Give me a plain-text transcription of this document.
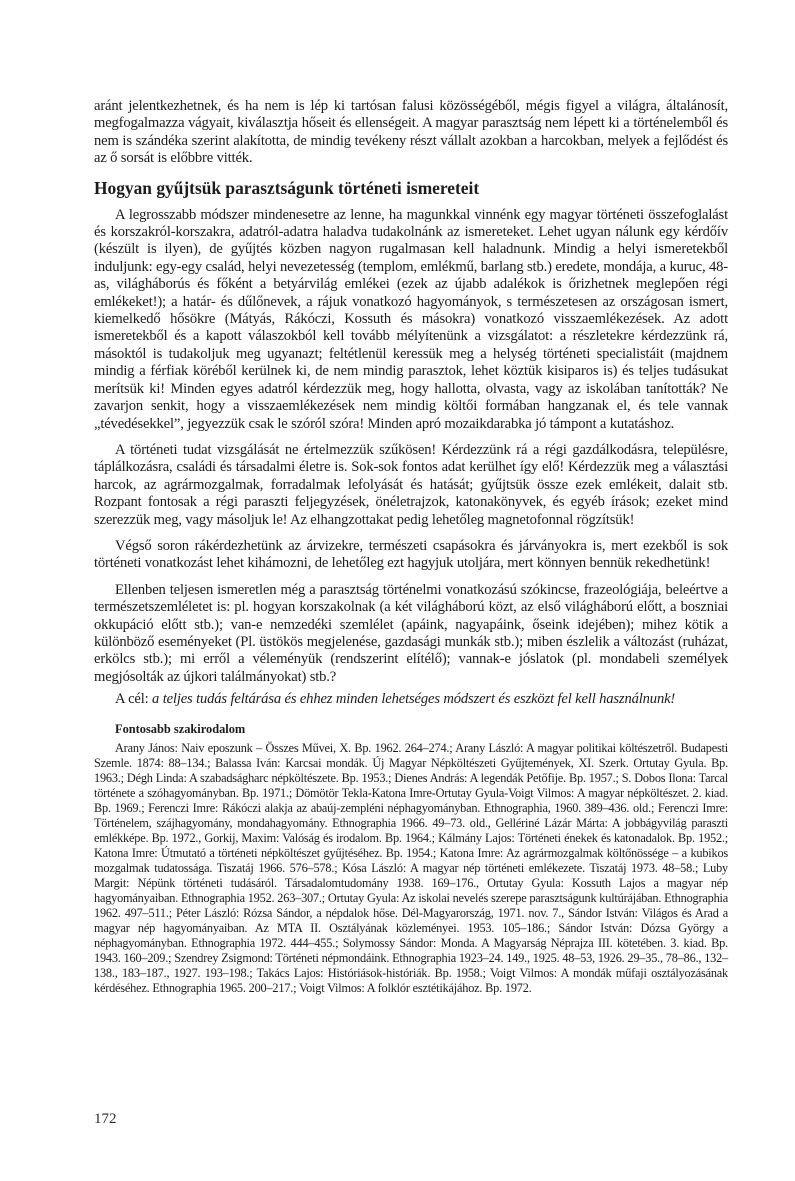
aránt jelentkezhetnek, és ha nem is lép ki tartósan falusi közösségéből, mégis figyel a világra, általánosít, megfogalmazza vágyait, kiválasztja hőseit és ellenségeit. A magyar parasztság nem lépett ki a történelemből és nem is szándéka szerint alakította, de mindig tevékeny részt vállalt azokban a harcokban, melyek a fejlődést és az ő sorsát is előbbre vitték.

Hogyan gyűjtsük parasztságunk történeti ismereteit

A legrosszabb módszer mindenesetre az lenne, ha magunkkal vinnénk egy magyar történeti összefoglalást és korszakról-korszakra, adatról-adatra haladva tudakolnánk az ismereteket. Lehet ugyan nálunk egy kérdőív (készült is ilyen), de gyűjtés közben nagyon rugalmasan kell haladnunk. Mindig a helyi ismeretekből induljunk: egy-egy család, helyi nevezetesség (templom, emlékmű, barlang stb.) eredete, mondája, a kuruc, 48-as, világháborús és főként a betyárvilág emlékei (ezek az újabb adalékok is őrizhetnek meglepően régi emlékeket!); a határ- és dűlőnevek, a rájuk vonatkozó hagyományok, s természetesen az országosan ismert, kiemelkedő hősökre (Mátyás, Rákóczi, Kossuth és másokra) vonatkozó visszaemlékezések. Az adott ismeretekből és a kapott válaszokból kell tovább mélyítenünk a vizsgálatot: a részletekre kérdezzünk rá, másoktól is tudakoljuk meg ugyanazt; feltétlenül keressük meg a helység történeti specialistáit (majdnem mindig a férfiak köréből kerülnek ki, de nem mindig parasztok, lehet köztük kisiparos is) és teljes tudásukat merítsük ki! Minden egyes adatról kérdezzük meg, hogy hallotta, olvasta, vagy az iskolában tanították? Ne zavarjon senkit, hogy a visszaemlékezések nem mindig költői formában hangzanak el, és tele vannak „tévedésekkel”, jegyezzük csak le szóról szóra! Minden apró mozaikdarabka jó támpont a kutatáshoz.

A történeti tudat vizsgálását ne értelmezzük szűkösen! Kérdezzünk rá a régi gazdálkodásra, településre, táplálkozásra, családi és társadalmi életre is. Sok-sok fontos adat kerülhet így elő! Kérdezzük meg a választási harcok, az agrármozgalmak, forradalmak lefolyását és hatását; gyűjtsük össze ezek emlékeit, dalait stb. Rozpant fontosak a régi paraszti feljegyzések, önéletrajzok, katonakönyvek, és egyéb írások; ezeket mind szerezzük meg, vagy másoljuk le! Az elhangzottakat pedig lehetőleg magnetofonnal rögzítsük!

Végső soron rákérdezhetünk az árvizekre, természeti csapásokra és járványokra is, mert ezekből is sok történeti vonatkozást lehet kihámozni, de lehetőleg ezt hagyjuk utoljára, mert könnyen bennük rekedhetünk!

Ellenben teljesen ismeretlen még a parasztság történelmi vonatkozású szókincse, frazeológiája, beleértve a természetszemléletet is: pl. hogyan korszakolnak (a két világháború közt, az első világháború előtt, a boszniai okkupáció előtt stb.); van-e nemzedéki szemlélet (apáink, nagyapáink, őseink idejében); mihez kötik a különböző eseményeket (Pl. üstökös megjelenése, gazdasági munkák stb.); miben észlelik a változást (ruházat, erkölcs stb.); mi erről a véleményük (rendszerint elítélő); vannak-e jóslatok (pl. mondabeli személyek megjósolták az újkori találmányokat) stb.?

A cél: a teljes tudás feltárása és ehhez minden lehetséges módszert és eszközt fel kell használnunk!

Fontosabb szakirodalom

Arany János: Naiv eposzunk – Összes Művei, X. Bp. 1962. 264–274.; Arany László: A magyar politikai költészetről. Budapesti Szemle. 1874: 88–134.; Balassa Iván: Karcsai mondák. Új Magyar Népköltészeti Gyűjtemények, XI. Szerk. Ortutay Gyula. Bp. 1963.; Dégh Linda: A szabadságharc népköltészete. Bp. 1953.; Dienes András: A legendák Petőfije. Bp. 1957.; S. Dobos Ilona: Tarcal története a szóhagyományban. Bp. 1971.; Dömötör Tekla-Katona Imre-Ortutay Gyula-Voigt Vilmos: A magyar népköltészet. 2. kiad. Bp. 1969.; Ferenczi Imre: Rákóczi alakja az abaúj-zempléni néphagyományban. Ethnographia, 1960. 389–436. old.; Ferenczi Imre: Történelem, szájhagyomány, mondahagyomány. Ethnographia 1966. 49–73. old., Gellériné Lázár Márta: A jobbágyvilág paraszti emlékképe. Bp. 1972., Gorkij, Maxim: Valóság és irodalom. Bp. 1964.; Kálmány Lajos: Történeti énekek és katonadalok. Bp. 1952.; Katona Imre: Útmutató a történeti népköltészet gyűjtéséhez. Bp. 1954.; Katona Imre: Az agrármozgalmak költőnössége – a kubikos mozgalmak tudatossága. Tiszatáj 1966. 576–578.; Kósa László: A magyar nép történeti emlékezete. Tiszatáj 1973. 48–58.; Luby Margit: Népünk történeti tudásáról. Társadalomtudomány 1938. 169–176., Ortutay Gyula: Kossuth Lajos a magyar nép hagyományaiban. Ethnographia 1952. 263–307.; Ortutay Gyula: Az iskolai nevelés szerepe parasztságunk kultúrájában. Ethnographia 1962. 497–511.; Péter László: Rózsa Sándor, a népdalok hőse. Dél-Magyarország, 1971. nov. 7., Sándor István: Világos és Arad a magyar nép hagyományaiban. Az MTA II. Osztályának közleményei. 1953. 105–186.; Sándor István: Dózsa György a néphagyományban. Ethnographia 1972. 444–455.; Solymossy Sándor: Monda. A Magyarság Néprajza III. kötetében. 3. kiad. Bp. 1943. 160–209.; Szendrey Zsigmond: Történeti népmondáink. Ethnographia 1923–24. 149., 1925. 48–53, 1926. 29–35., 78–86., 132–138., 183–187., 1927. 193–198.; Takács Lajos: Históriások-históriák. Bp. 1958.; Voigt Vilmos: A mondák műfaji osztályozásának kérdéséhez. Ethnographia 1965. 200–217.; Voigt Vilmos: A folklór esztétikájához. Bp. 1972.

172
